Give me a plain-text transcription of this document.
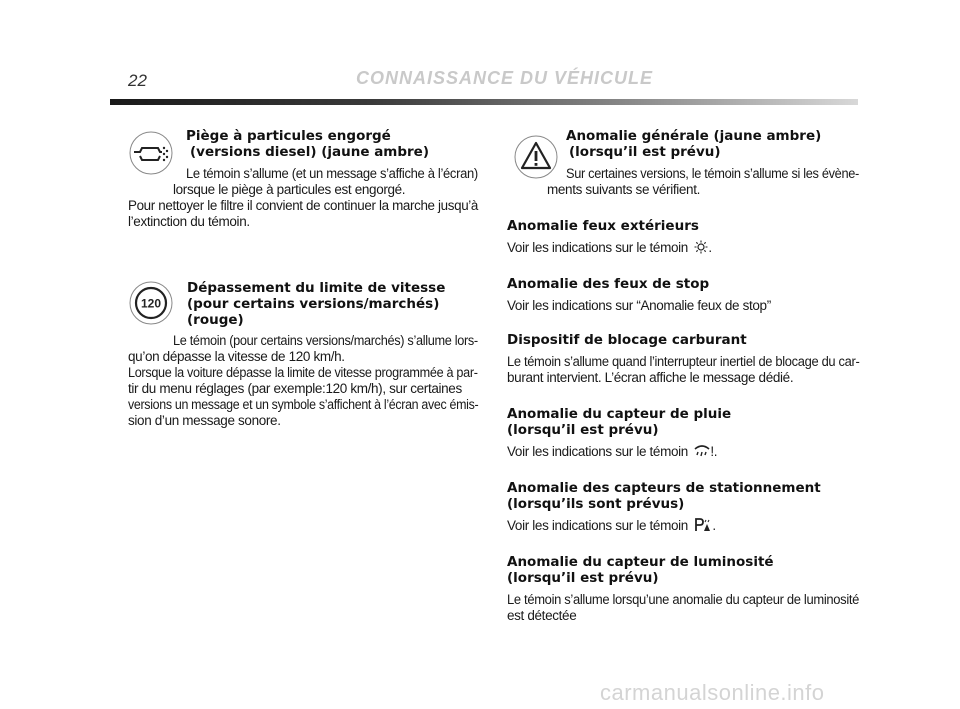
22	CONNAISSANCE DU VÉHICULE
Piège à particules engorgé
(versions diesel) (jaune ambre)
Le témoin s’allume (et un message s’affiche à l’écran)
lorsque le piège à particules est engorgé.
Pour nettoyer le filtre il convient de continuer la marche jusqu’à
l’extinction du témoin.
120
Dépassement du limite de vitesse
(pour certains versions/marchés)
(rouge)
Le témoin (pour certains versions/marchés) s’allume lors-
qu’on dépasse la vitesse de 120 km/h.
Lorsque la voiture dépasse la limite de vitesse programmée à par-
tir du menu réglages (par exemple:120 km/h), sur certaines
versions un message et un symbole s’affichent à l’écran avec émis-
sion d’un message sonore.
Anomalie générale (jaune ambre)
(lorsqu’il est prévu)
Sur certaines versions, le témoin s’allume si les évène-
ments suivants se vérifient.
Anomalie feux extérieurs
Voir les indications sur le témoin .
Anomalie des feux de stop
Voir les indications sur “Anomalie feux de stop”
Dispositif de blocage carburant
Le témoin s’allume quand l’interrupteur inertiel de blocage du car-
burant intervient. L’écran affiche le message dédié.
Anomalie du capteur de pluie
(lorsqu’il est prévu)
Voir les indications sur le témoin !.
Anomalie des capteurs de stationnement
(lorsqu’ils sont prévus)
Voir les indications sur le témoin .
Anomalie du capteur de luminosité
(lorsqu’il est prévu)
Le témoin s’allume lorsqu’une anomalie du capteur de luminosité
est détectée
carmanualsonline.info
